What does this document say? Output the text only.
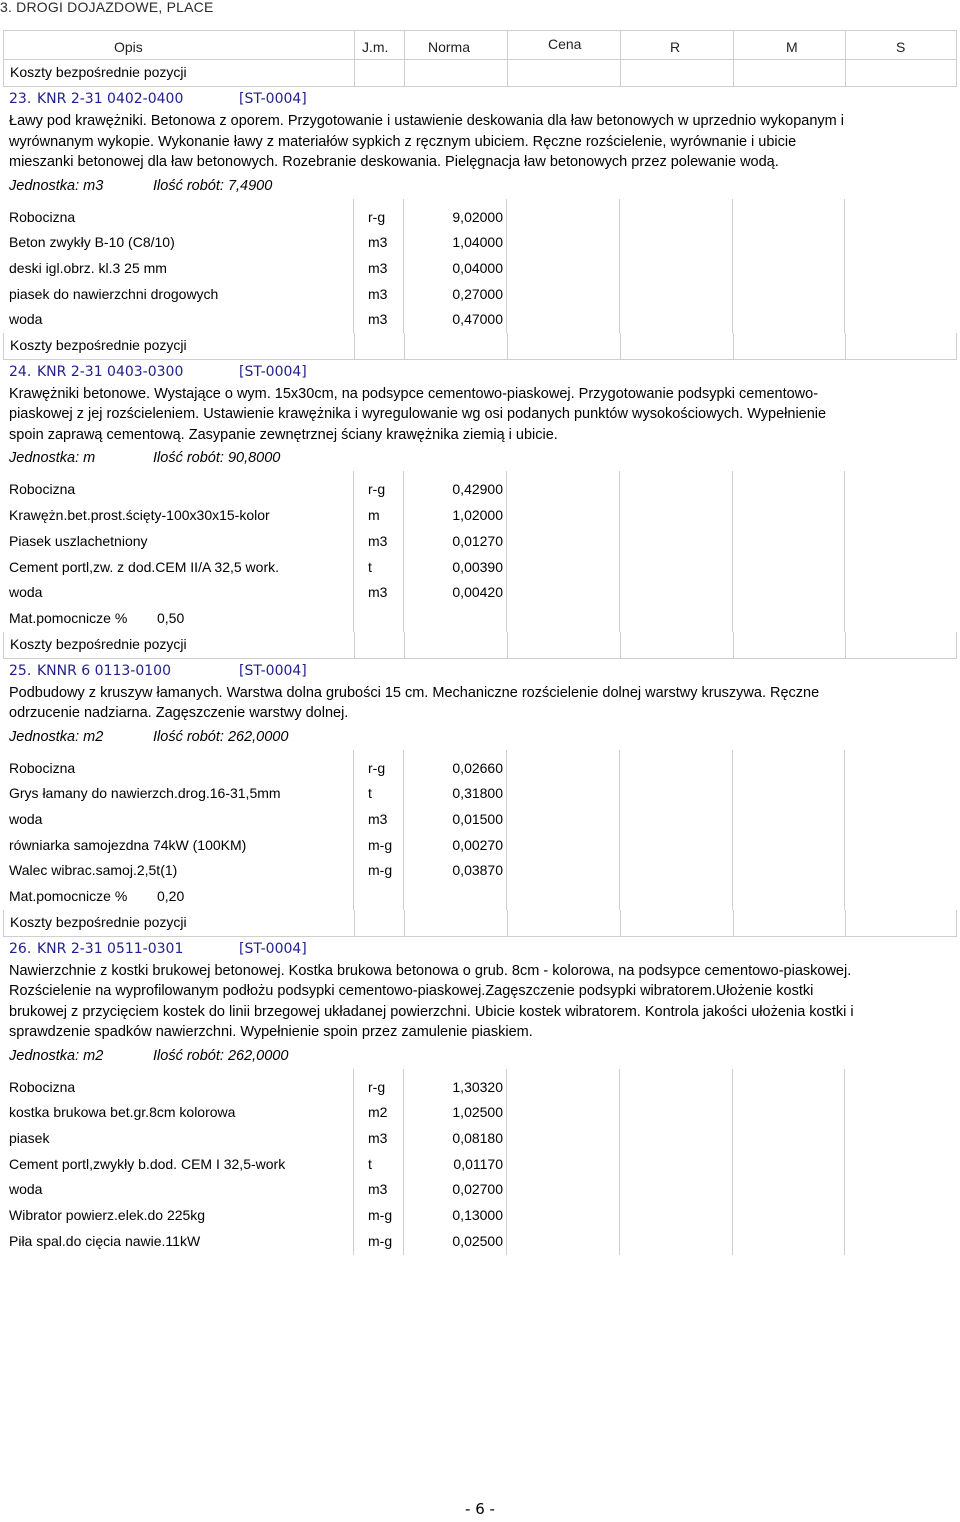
3. DROGI DOJAZDOWE, PLACE
Opis	J.m.	Norma	Cena	R	M	S
Koszty bezpośrednie pozycji
23. KNR 2-31 0402-0400	[ST-0004]
Ławy pod krawężniki. Betonowa z oporem. Przygotowanie i ustawienie deskowania dla ław betonowych w uprzednio wykopanym i wyrównanym wykopie. Wykonanie ławy z materiałów sypkich z ręcznym ubiciem. Ręczne rozścielenie, wyrównanie i ubicie mieszanki betonowej dla ław betonowych. Rozebranie deskowania. Pielęgnacja ław betonowych przez polewanie wodą.
Jednostka: m3	Ilość robót: 7,4900
Robocizna	r-g	9,02000
Beton zwykły B-10 (C8/10)	m3	1,04000
deski igl.obrz. kl.3 25 mm	m3	0,04000
piasek do nawierzchni drogowych	m3	0,27000
woda	m3	0,47000
Koszty bezpośrednie pozycji
24. KNR 2-31 0403-0300	[ST-0004]
Krawężniki betonowe. Wystające o wym. 15x30cm, na podsypce cementowo-piaskowej. Przygotowanie podsypki cementowo-piaskowej z jej rozścieleniem. Ustawienie krawężnika i wyregulowanie wg osi podanych punktów wysokościowych. Wypełnienie spoin zaprawą cementową. Zasypanie zewnętrznej ściany krawężnika ziemią i ubicie.
Jednostka: m	Ilość robót: 90,8000
Robocizna	r-g	0,42900
Krawężn.bet.prost.ścięty-100x30x15-kolor	m	1,02000
Piasek uszlachetniony	m3	0,01270
Cement portl,zw. z dod.CEM II/A 32,5 work.	t	0,00390
woda	m3	0,00420
Mat.pomocnicze % 0,50
Koszty bezpośrednie pozycji
25. KNNR 6 0113-0100	[ST-0004]
Podbudowy z kruszyw łamanych. Warstwa dolna grubości 15 cm. Mechaniczne rozścielenie dolnej warstwy kruszywa. Ręczne odrzucenie nadziarna. Zagęszczenie warstwy dolnej.
Jednostka: m2	Ilość robót: 262,0000
Robocizna	r-g	0,02660
Grys łamany do nawierzch.drog.16-31,5mm	t	0,31800
woda	m3	0,01500
równiarka samojezdna 74kW (100KM)	m-g	0,00270
Walec wibrac.samoj.2,5t(1)	m-g	0,03870
Mat.pomocnicze % 0,20
Koszty bezpośrednie pozycji
26. KNR 2-31 0511-0301	[ST-0004]
Nawierzchnie z kostki brukowej betonowej. Kostka brukowa betonowa o grub. 8cm - kolorowa, na podsypce cementowo-piaskowej. Rozścielenie na wyprofilowanym podłożu podsypki cementowo-piaskowej.Zagęszczenie podsypki wibratorem.Ułożenie kostki brukowej z przycięciem kostek do linii brzegowej układanej powierzchni. Ubicie kostek wibratorem. Kontrola jakości ułożenia kostki i sprawdzenie spadków nawierzchni. Wypełnienie spoin przez zamulenie piaskiem.
Jednostka: m2	Ilość robót: 262,0000
Robocizna	r-g	1,30320
kostka brukowa bet.gr.8cm kolorowa	m2	1,02500
piasek	m3	0,08180
Cement portl,zwykły b.dod. CEM I 32,5-work	t	0,01170
woda	m3	0,02700
Wibrator powierz.elek.do 225kg	m-g	0,13000
Piła spal.do cięcia nawie.11kW	m-g	0,02500
- 6 -
